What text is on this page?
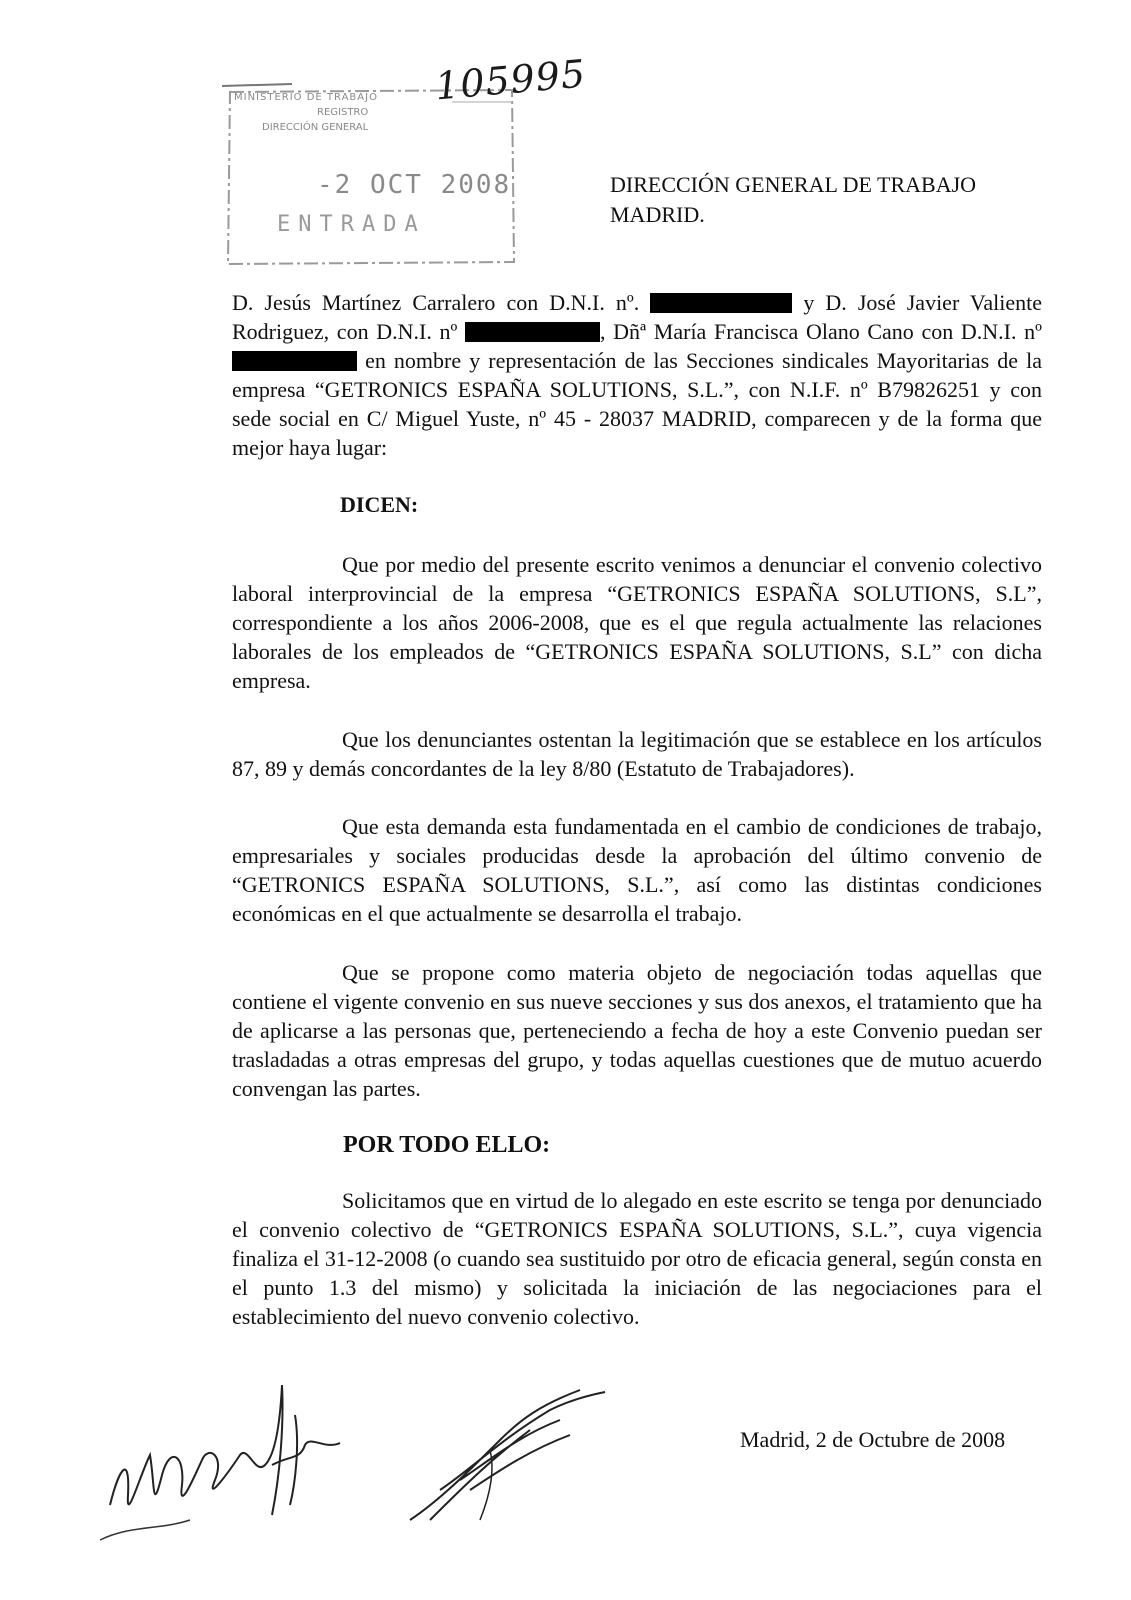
MINISTERIO DE TRABAJO
REGISTRO
DIRECCIÓN GENERAL
-2 OCT 2008
ENTRADA
105995
DIRECCIÓN GENERAL DE TRABAJO
MADRID.
D. Jesús Martínez Carralero con D.N.I. nº.	y D. José Javier Valiente Rodriguez, con D.N.I. nº	, Dñª María Francisca Olano Cano con D.N.I. nº  en nombre y representación de las Secciones sindicales Mayoritarias de la empresa “GETRONICS ESPAÑA SOLUTIONS, S.L.”, con N.I.F. nº B79826251 y con sede social en C/ Miguel Yuste, nº 45 - 28037 MADRID, comparecen y de la forma que mejor haya lugar:
DICEN:
Que por medio del presente escrito venimos a denunciar el convenio colectivo laboral interprovincial de la empresa “GETRONICS ESPAÑA SOLUTIONS, S.L”, correspondiente a los años 2006-2008, que es el que regula actualmente las relaciones laborales de los empleados de “GETRONICS ESPAÑA SOLUTIONS, S.L” con dicha empresa.
Que los denunciantes ostentan la legitimación que se establece en los artículos 87, 89 y demás concordantes de la ley 8/80 (Estatuto de Trabajadores).
Que esta demanda esta fundamentada en el cambio de condiciones de trabajo, empresariales y sociales producidas desde la aprobación del último convenio de “GETRONICS ESPAÑA SOLUTIONS, S.L.”, así como las distintas condiciones económicas en el que actualmente se desarrolla el trabajo.
Que se propone como materia objeto de negociación todas aquellas que contiene el vigente convenio en sus nueve secciones y sus dos anexos, el tratamiento que ha de aplicarse a las personas que, perteneciendo a fecha de hoy a este Convenio puedan ser trasladadas a otras empresas del grupo, y todas aquellas cuestiones que de mutuo acuerdo convengan las partes.
POR TODO ELLO:
Solicitamos que en virtud de lo alegado en este escrito se tenga por denunciado el convenio colectivo de “GETRONICS ESPAÑA SOLUTIONS, S.L.”, cuya vigencia finaliza el 31-12-2008 (o cuando sea sustituido por otro de eficacia general, según consta en el punto 1.3 del mismo) y solicitada la iniciación de las negociaciones para el establecimiento del nuevo convenio colectivo.
Madrid, 2 de Octubre de 2008
